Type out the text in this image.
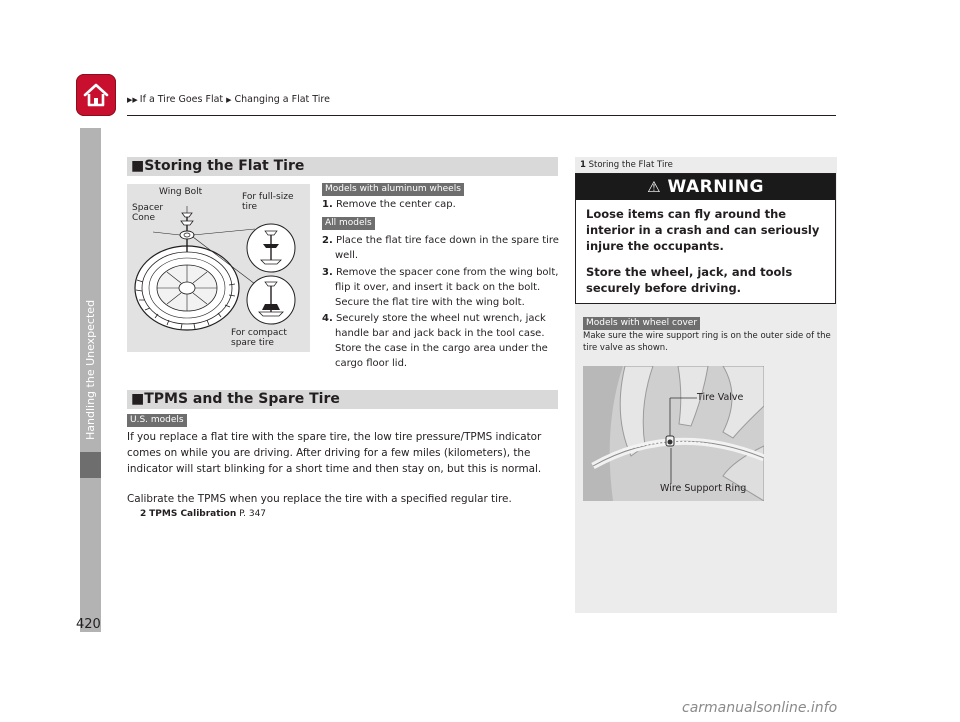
▶▶ If a Tire Goes Flat ▶ Changing a Flat Tire
Handling the Unexpected
420
■Storing the Flat Tire
Wing Bolt
Spacer
Cone
For full-size
tire
For compact
spare tire
Models with aluminum wheels
1. Remove the center cap.
All models
2. Place the flat tire face down in the spare tire well.
3. Remove the spacer cone from the wing bolt, flip it over, and insert it back on the bolt. Secure the flat tire with the wing bolt.
4. Securely store the wheel nut wrench, jack handle bar and jack back in the tool case. Store the case in the cargo area under the cargo floor lid.
■TPMS and the Spare Tire
U.S. models
If you replace a flat tire with the spare tire, the low tire pressure/TPMS indicator comes on while you are driving. After driving for a few miles (kilometers), the indicator will start blinking for a short time and then stay on, but this is normal.
Calibrate the TPMS when you replace the tire with a specified regular tire.
2 TPMS Calibration P. 347
1 Storing the Flat Tire
⚠ WARNING
Loose items can fly around the interior in a crash and can seriously injure the occupants.
Store the wheel, jack, and tools securely before driving.
Models with wheel cover
Make sure the wire support ring is on the outer side of the tire valve as shown.
Tire Valve
Wire Support Ring
carmanualsonline.info
